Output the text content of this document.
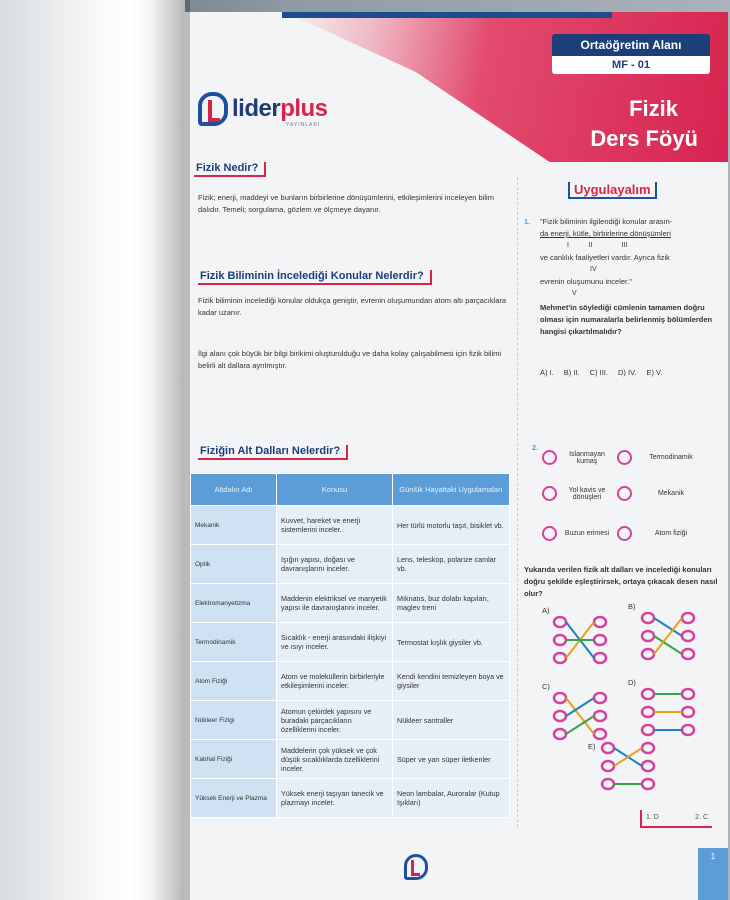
Ortaöğretim Alanı
MF - 01
Fizik
Ders Föyü
liderplus
YAYINLARI
Fizik Nedir?
Fizik; enerji, maddeyi ve bunların birbirlerine dönüşümlerini, etkileşimlerini inceleyen bilim dalıdır. Temeli; sorgulama, gözlem ve ölçmeye dayanır.
Fizik Biliminin İncelediği Konular Nelerdir?
Fizik biliminin incelediği konular oldukça geniştir, evrenin oluşumundan atom altı parçacıklara kadar uzanır.
İlgi alanı çok büyük bir bilgi birikimi oluşturulduğu ve daha kolay çalışabilmesi için fizik bilimi belirli alt dallara ayrılmıştır.
Fiziğin Alt Dalları Nelerdir?
Altdalın Adı	Konusu	Günlük Hayattaki Uygulamaları
Mekanik	Kuvvet, hareket ve enerji sistemlerini inceler.	Her türlü motorlu taşıt, bisiklet vb.
Optik	Işığın yapısı, doğası ve davranışlarını inceler.	Lens, teleskop, polarize camlar vb.
Elektromanyetizma	Maddenin elektriksel ve manyetik yapısı ile davranışlarını inceler.	Mıknatıs, buz dolabı kapıları, maglev treni
Termodinamik	Sıcaklık - enerji arasındaki ilişkiyi ve ısıyı inceler.	Termostat kışlık giysiler vb.
Atom Fiziği	Atom ve moleküllerin birbirleriyle etkileşimlerini inceler.	Kendi kendini temizleyen boya ve giysiler
Nükleer Fizigi	Atomun çekirdek yapısını ve buradaki parçacıkların özelliklerini inceler.	Nükleer santraller
Katıhal Fiziği	Maddelerin çok yüksek ve çok düşük sıcaklıklarda özelliklerini inceler.	Süper ve yarı süper iletkenler
Yüksek Enerji ve Plazma	Yüksek enerji taşıyan tanecik ve plazmayı inceler.	Neon lambalar, Auroralar (Kutup Işıkları)
Uygulayalım
1. "Fizik biliminin ilgilendiği konular arasın-
da enerji, kütle, birbirlerine dönüşümleri
I          II               III
ve canlılık faaliyetleri vardır. Ayrıca fizik
IV
evrenin oluşumunu inceler."
V
Mehmet'in söylediği cümlenin tamamen doğru olması için numaralarla belirlenmiş bölümlerden hangisi çıkartılmalıdır?
A) I. B) II. C) III. D) IV. E) V.
2.
Islanmayan kumaş	Termodinamik
Yol kavis ve dönüşleri	Mekanik
Buzun erimesi	Atom fiziği
Yukarıda verilen fizik alt dalları ve incelediği konuları doğru şekilde eşleştirirsek, ortaya çıkacak desen nasıl olur?
A)	B)
C)	D)
E)
1. D	2. C
1
